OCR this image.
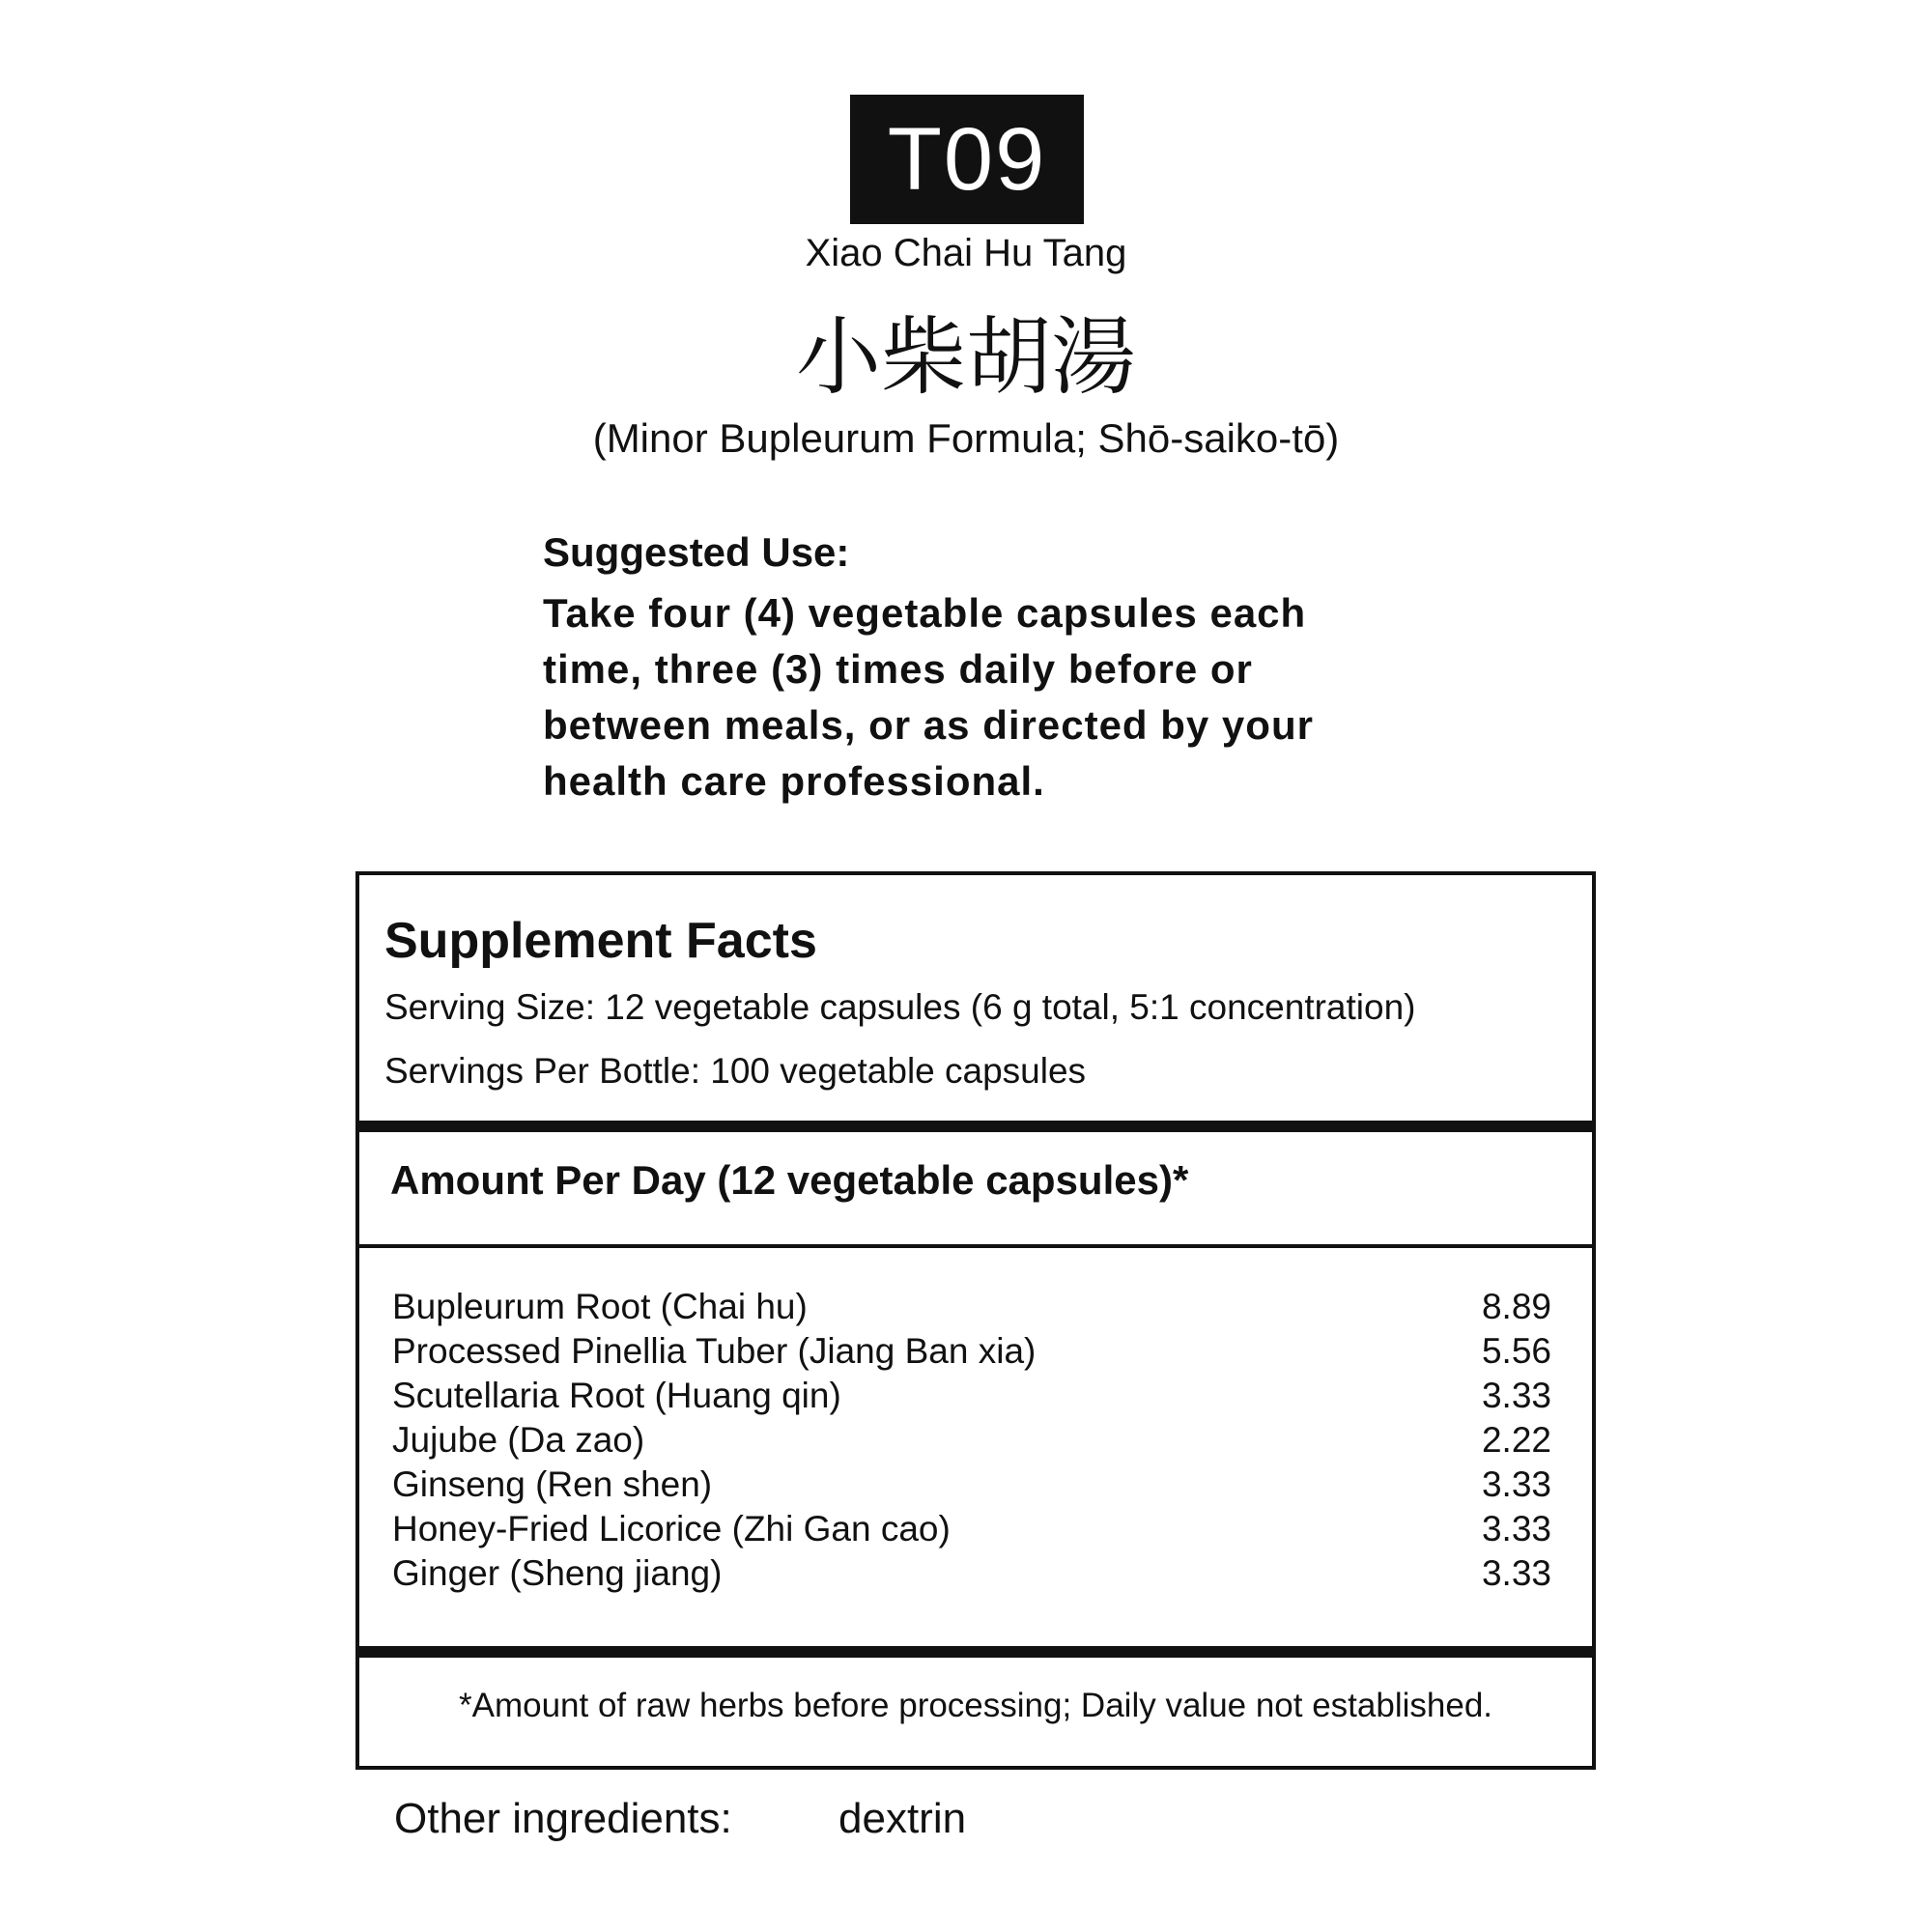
T09
Xiao Chai Hu Tang
小柴胡湯
(Minor Bupleurum Formula; Shō-saiko-tō)
Suggested Use:
Take four (4) vegetable capsules each time, three (3) times daily before or between meals, or as directed by your health care professional.
Supplement Facts
Serving Size: 12 vegetable capsules (6 g total, 5:1 concentration)
Servings Per Bottle: 100 vegetable capsules
Amount Per Day (12 vegetable capsules)*
Bupleurum Root (Chai hu)	8.89
Processed Pinellia Tuber (Jiang Ban xia)	5.56
Scutellaria Root (Huang qin)	3.33
Jujube (Da zao)	2.22
Ginseng (Ren shen)	3.33
Honey-Fried Licorice (Zhi Gan cao)	3.33
Ginger (Sheng jiang)	3.33
*Amount of raw herbs before processing; Daily value not established.
Other ingredients:	dextrin
